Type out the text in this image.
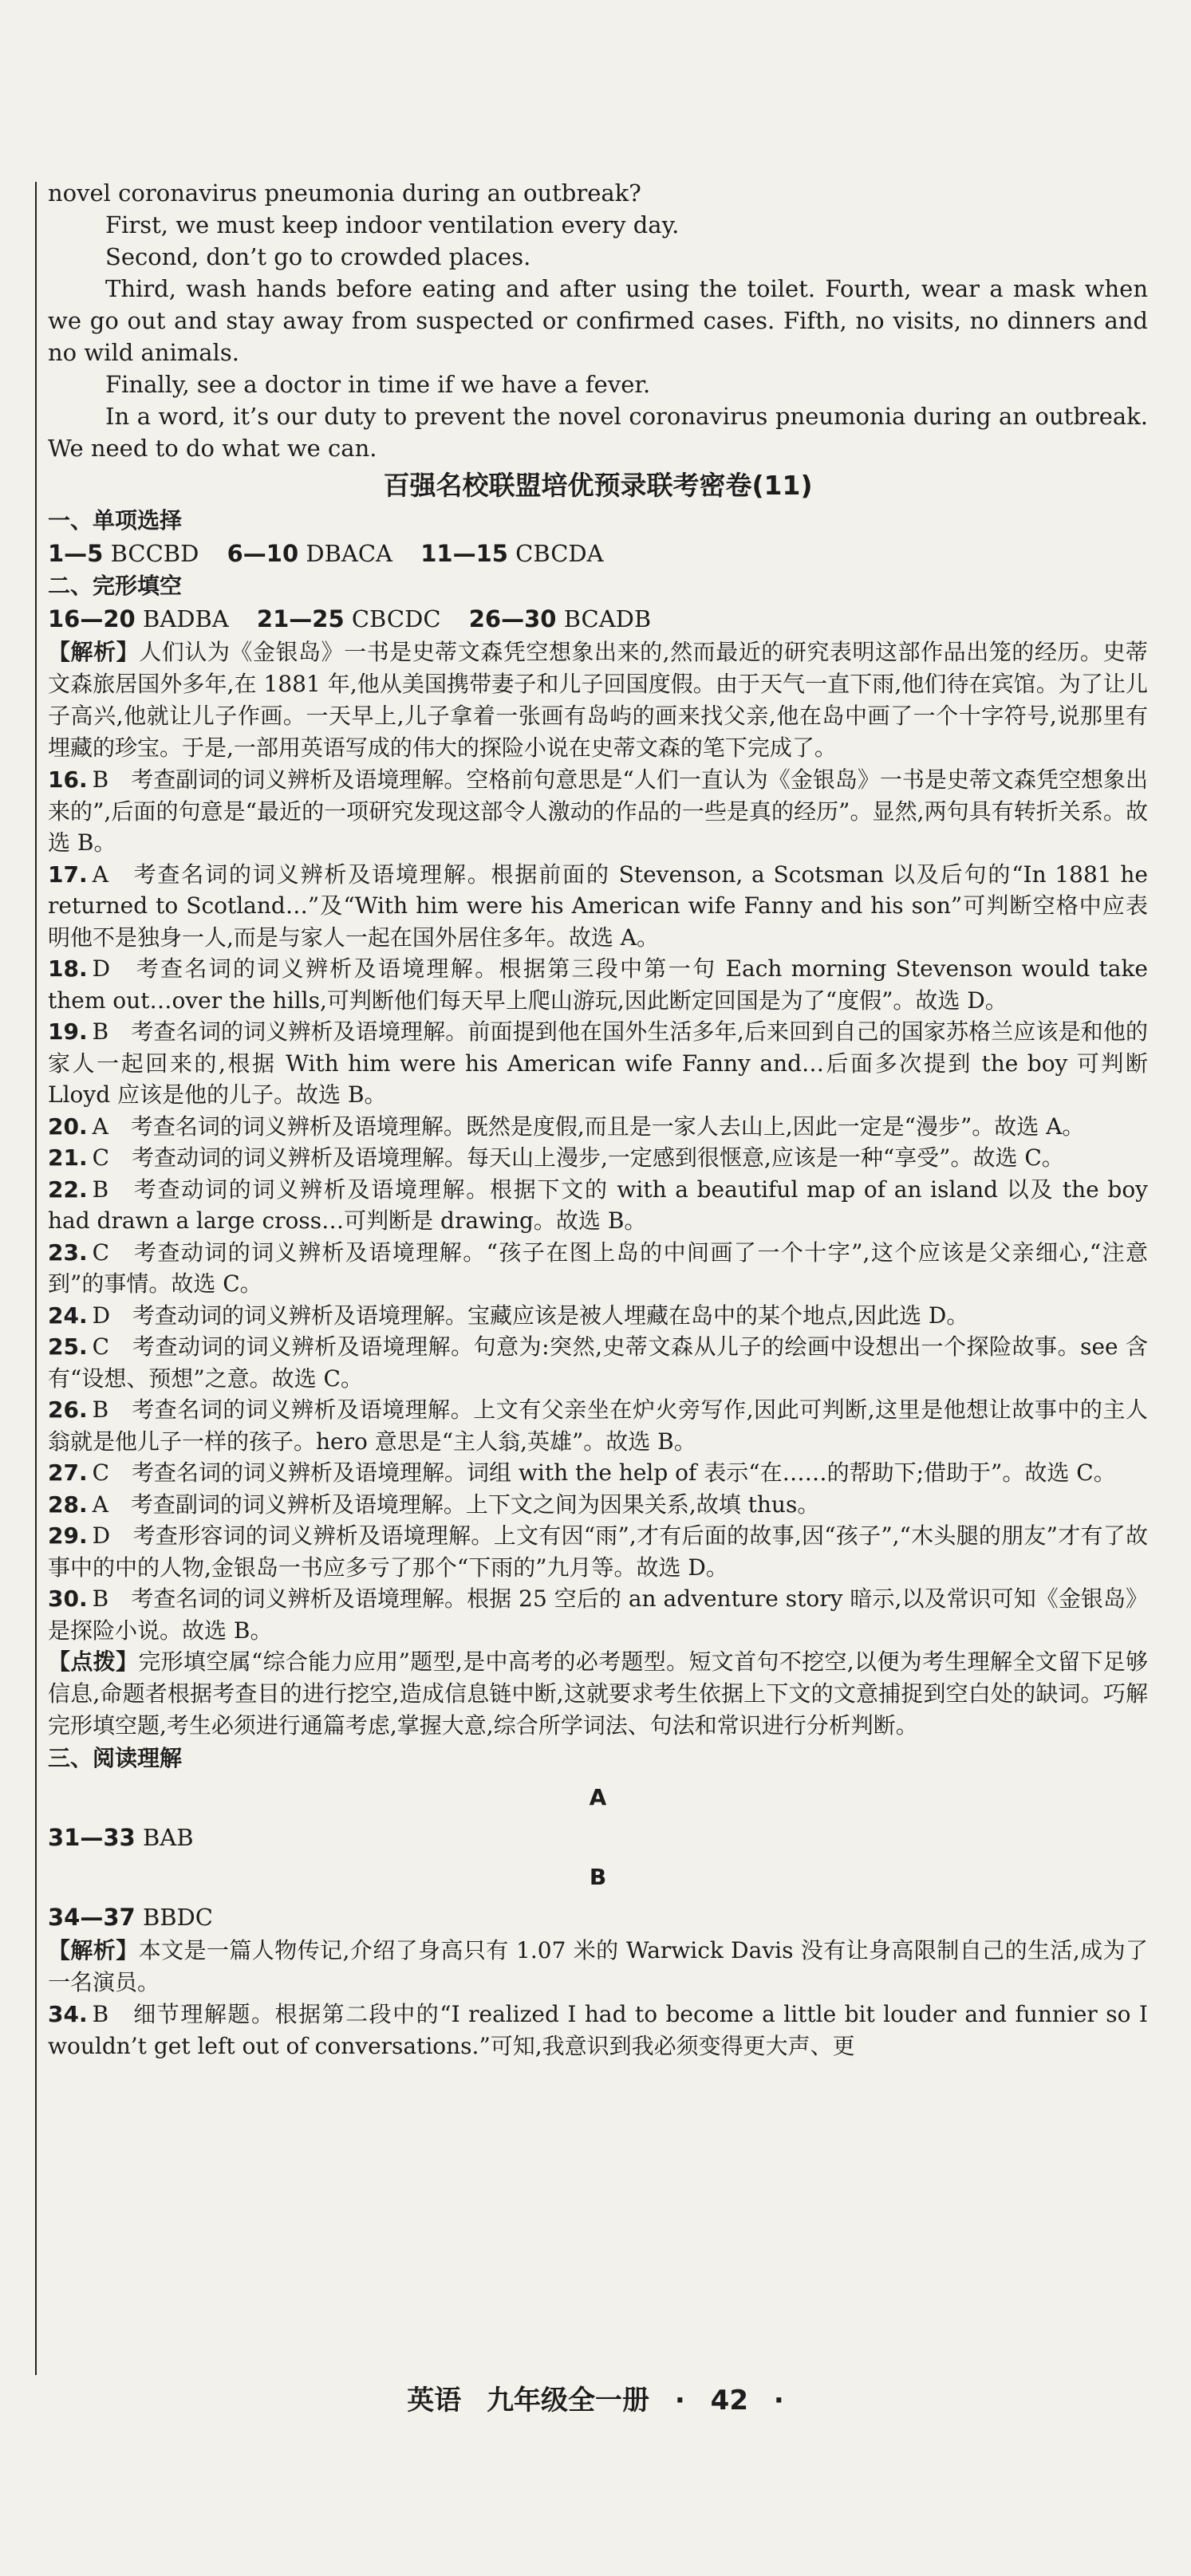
novel coronavirus pneumonia during an outbreak?

First, we must keep indoor ventilation every day.

Second, don’t go to crowded places.

Third, wash hands before eating and after using the toilet. Fourth, wear a mask when we go out and stay away from suspected or confirmed cases. Fifth, no visits, no dinners and no wild animals.

Finally, see a doctor in time if we have a fever.

In a word, it’s our duty to prevent the novel coronavirus pneumonia during an outbreak. We need to do what we can.

百强名校联盟培优预录联考密卷(11)
一、单项选择
1—5 BCCBD 6—10 DBACA 11—15 CBCDA
二、完形填空
16—20 BADBA 21—25 CBCDC 26—30 BCADB

【解析】人们认为《金银岛》一书是史蒂文森凭空想象出来的,然而最近的研究表明这部作品出笼的经历。史蒂文森旅居国外多年,在 1881 年,他从美国携带妻子和儿子回国度假。由于天气一直下雨,他们待在宾馆。为了让儿子高兴,他就让儿子作画。一天早上,儿子拿着一张画有岛屿的画来找父亲,他在岛中画了一个十字符号,说那里有埋藏的珍宝。于是,一部用英语写成的伟大的探险小说在史蒂文森的笔下完成了。

16. B　考查副词的词义辨析及语境理解。空格前句意思是“人们一直认为《金银岛》一书是史蒂文森凭空想象出来的”,后面的句意是“最近的一项研究发现这部令人激动的作品的一些是真的经历”。显然,两句具有转折关系。故选 B。

17. A　考查名词的词义辨析及语境理解。根据前面的 Stevenson, a Scotsman 以及后句的“In 1881 he returned to Scotland…”及“With him were his American wife Fanny and his son”可判断空格中应表明他不是独身一人,而是与家人一起在国外居住多年。故选 A。

18. D　考查名词的词义辨析及语境理解。根据第三段中第一句 Each morning Stevenson would take them out…over the hills,可判断他们每天早上爬山游玩,因此断定回国是为了“度假”。故选 D。

19. B　考查名词的词义辨析及语境理解。前面提到他在国外生活多年,后来回到自己的国家苏格兰应该是和他的家人一起回来的,根据 With him were his American wife Fanny and…后面多次提到 the boy 可判断 Lloyd 应该是他的儿子。故选 B。

20. A　考查名词的词义辨析及语境理解。既然是度假,而且是一家人去山上,因此一定是“漫步”。故选 A。

21. C　考查动词的词义辨析及语境理解。每天山上漫步,一定感到很惬意,应该是一种“享受”。故选 C。

22. B　考查动词的词义辨析及语境理解。根据下文的 with a beautiful map of an island 以及 the boy had drawn a large cross…可判断是 drawing。故选 B。

23. C　考查动词的词义辨析及语境理解。“孩子在图上岛的中间画了一个十字”,这个应该是父亲细心,“注意到”的事情。故选 C。

24. D　考查动词的词义辨析及语境理解。宝藏应该是被人埋藏在岛中的某个地点,因此选 D。

25. C　考查动词的词义辨析及语境理解。句意为:突然,史蒂文森从儿子的绘画中设想出一个探险故事。see 含有“设想、预想”之意。故选 C。

26. B　考查名词的词义辨析及语境理解。上文有父亲坐在炉火旁写作,因此可判断,这里是他想让故事中的主人翁就是他儿子一样的孩子。hero 意思是“主人翁,英雄”。故选 B。

27. C　考查名词的词义辨析及语境理解。词组 with the help of 表示“在……的帮助下;借助于”。故选 C。

28. A　考查副词的词义辨析及语境理解。上下文之间为因果关系,故填 thus。

29. D　考查形容词的词义辨析及语境理解。上文有因“雨”,才有后面的故事,因“孩子”,“木头腿的朋友”才有了故事中的中的人物,金银岛一书应多亏了那个“下雨的”九月等。故选 D。

30. B　考查名词的词义辨析及语境理解。根据 25 空后的 an adventure story 暗示,以及常识可知《金银岛》是探险小说。故选 B。

【点拨】完形填空属“综合能力应用”题型,是中高考的必考题型。短文首句不挖空,以便为考生理解全文留下足够信息,命题者根据考查目的进行挖空,造成信息链中断,这就要求考生依据上下文的文意捕捉到空白处的缺词。巧解完形填空题,考生必须进行通篇考虑,掌握大意,综合所学词法、句法和常识进行分析判断。

三、阅读理解
A
31—33 BAB
B
34—37 BBDC

【解析】本文是一篇人物传记,介绍了身高只有 1.07 米的 Warwick Davis 没有让身高限制自己的生活,成为了一名演员。

34. B　细节理解题。根据第二段中的“I realized I had to become a little bit louder and funnier so I wouldn’t get left out of conversations.”可知,我意识到我必须变得更大声、更

英语 九年级全一册 · 42 ·
